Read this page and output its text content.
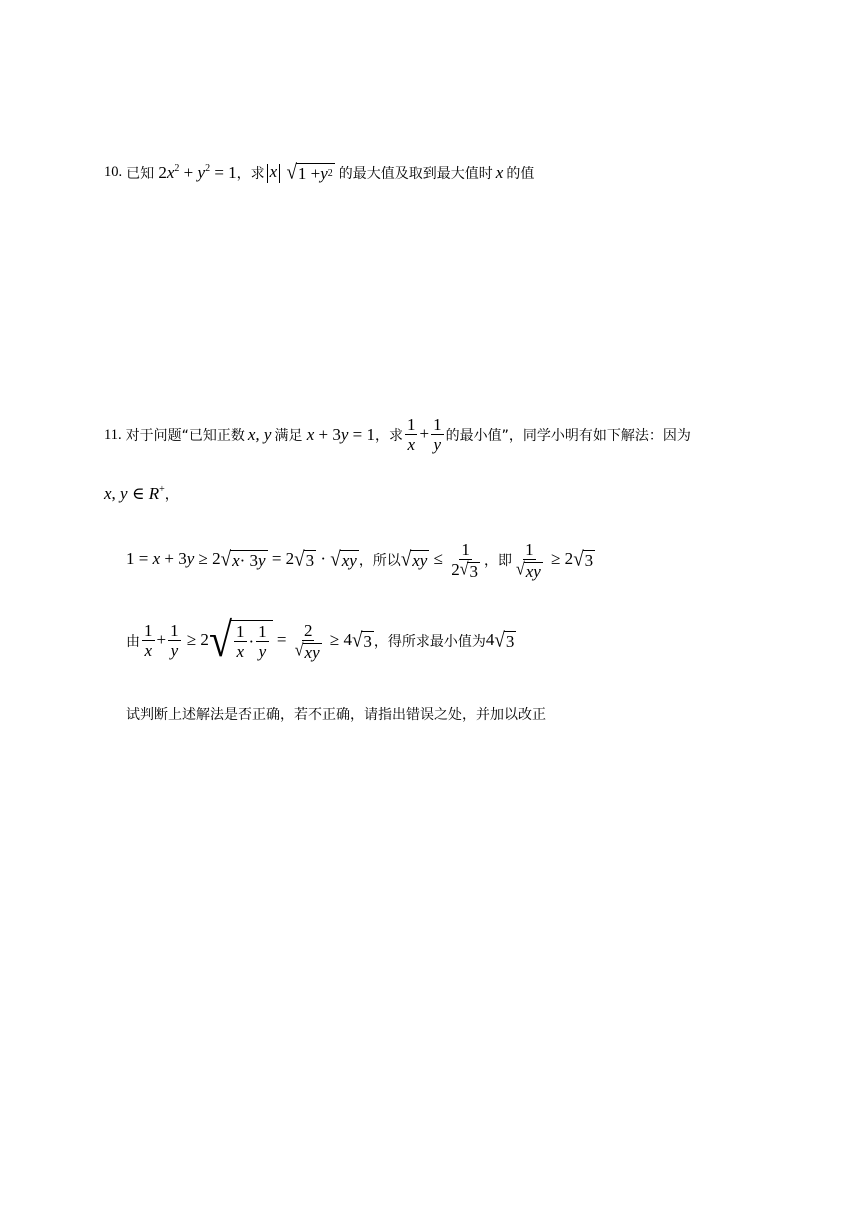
10. 已知 $2x^2 + y^2 = 1$ ，求 x √ 1 + y 2 的最大值及取到最大值时 x 的值
11. 对于问题“已知正数 x, y 满足 x + 3y = 1 ，求 $\frac{1}{x} + \frac{1}{y}$ 的最小值”，同学小明有如下解法：因为
x, y ∈ R+ ，
1 = x + 3y ≥ 2 √ x · 3 y = 2 √ 3 · √ xy ，所以 √ xy ≤ $\frac{1}{2 √ 3}$ ，即 $\frac{1}{√ xy} \ge 2$ √ 3
由 $\frac{1}{x} + \frac{1}{y} \ge 2$ √ $\frac{1}{x} \cdot \frac{1}{y} = \frac{2}{√ xy} \ge 4$ √ 3 ，得所求最小值为 4 √ 3
试判断上述解法是否正确，若不正确，请指出错误之处，并加以改正
